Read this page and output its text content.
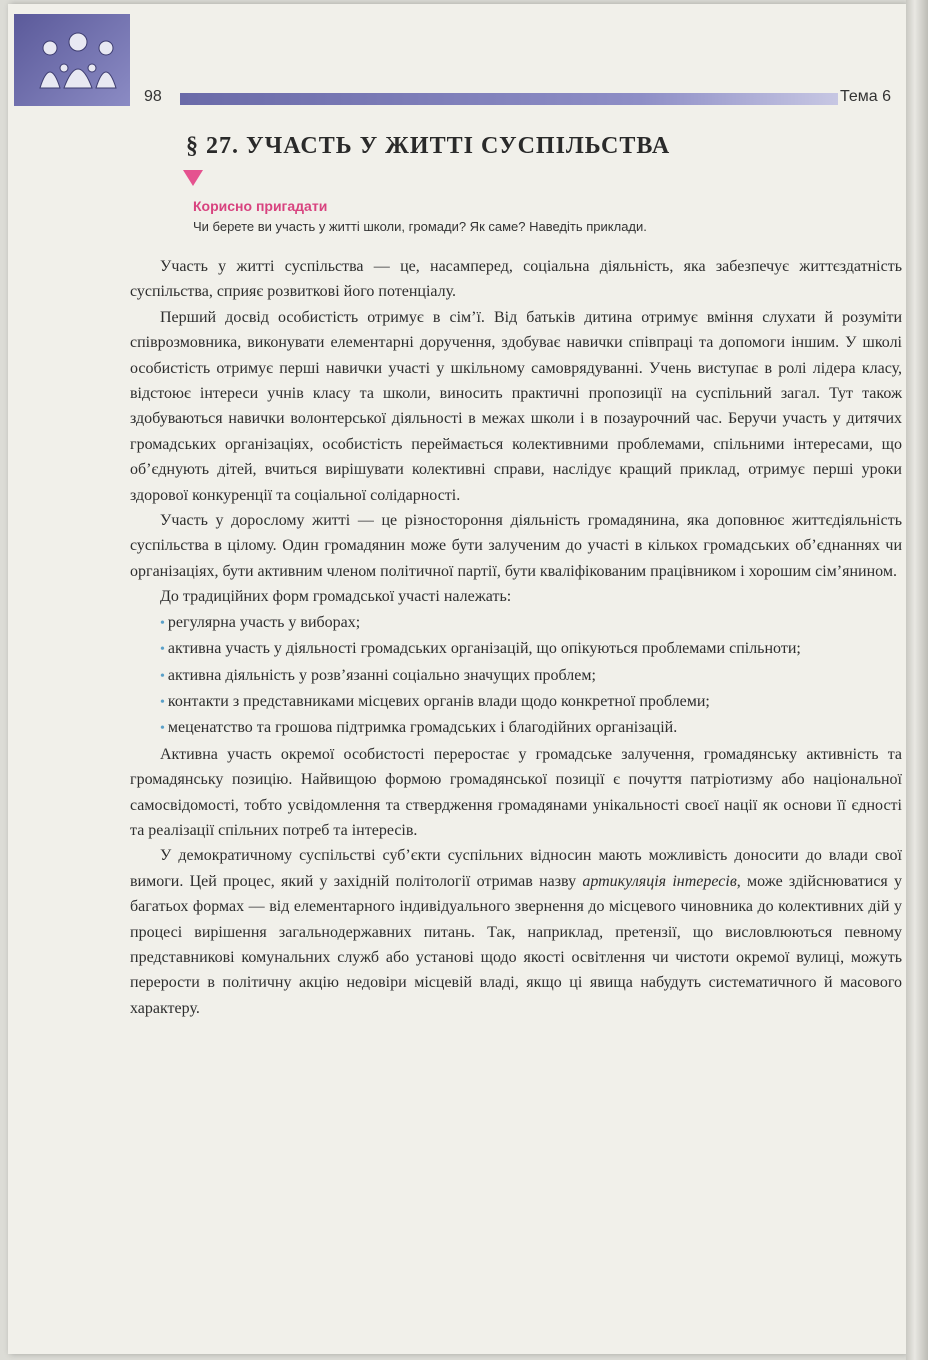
98	Тема 6
§ 27. УЧАСТЬ У ЖИТТІ СУСПІЛЬСТВА
Корисно пригадати
Чи берете ви участь у житті школи, громади? Як саме? Наведіть приклади.

Участь у житті суспільства — це, насамперед, соціальна діяльність, яка забезпечує життєздатність суспільства, сприяє розвиткові його потенціалу.

Перший досвід особистість отримує в сім’ї. Від батьків дитина отримує вміння слухати й розуміти співрозмовника, виконувати елементарні доручення, здобуває навички співпраці та допомоги іншим. У школі особистість отримує перші навички участі у шкільному самоврядуванні. Учень виступає в ролі лідера класу, відстоює інтереси учнів класу та школи, виносить практичні пропозиції на суспільний загал. Тут також здобуваються навички волонтерської діяльності в межах школи і в позаурочний час. Беручи участь у дитячих громадських організаціях, особистість переймається колективними проблемами, спільними інтересами, що об’єднують дітей, вчиться вирішувати колективні справи, наслідує кращий приклад, отримує перші уроки здорової конкуренції та соціальної солідарності.

Участь у дорослому житті — це різностороння діяльність громадянина, яка доповнює життєдіяльність суспільства в цілому. Один громадянин може бути залученим до участі в кількох громадських об’єднаннях чи організаціях, бути активним членом політичної партії, бути кваліфікованим працівником і хорошим сім’янином.

До традиційних форм громадської участі належать:

• регулярна участь у виборах;
• активна участь у діяльності громадських організацій, що опікуються проблемами спільноти;
• активна діяльність у розв’язанні соціально значущих проблем;
• контакти з представниками місцевих органів влади щодо конкретної проблеми;
• меценатство та грошова підтримка громадських і благодійних організацій.

Активна участь окремої особистості переростає у громадське залучення, громадянську активність та громадянську позицію. Найвищою формою громадянської позиції є почуття патріотизму або національної самосвідомості, тобто усвідомлення та ствердження громадянами унікальності своєї нації як основи її єдності та реалізації спільних потреб та інтересів.

У демократичному суспільстві суб’єкти суспільних відносин мають можливість доносити до влади свої вимоги. Цей процес, який у західній політології отримав назву артикуляція інтересів, може здійснюватися у багатьох формах — від елементарного індивідуального звернення до місцевого чиновника до колективних дій у процесі вирішення загальнодержавних питань. Так, наприклад, претензії, що висловлюються певному представникові комунальних служб або установі щодо якості освітлення чи чистоти окремої вулиці, можуть перерости в політичну акцію недовіри місцевій владі, якщо ці явища набудуть систематичного й масового характеру.
